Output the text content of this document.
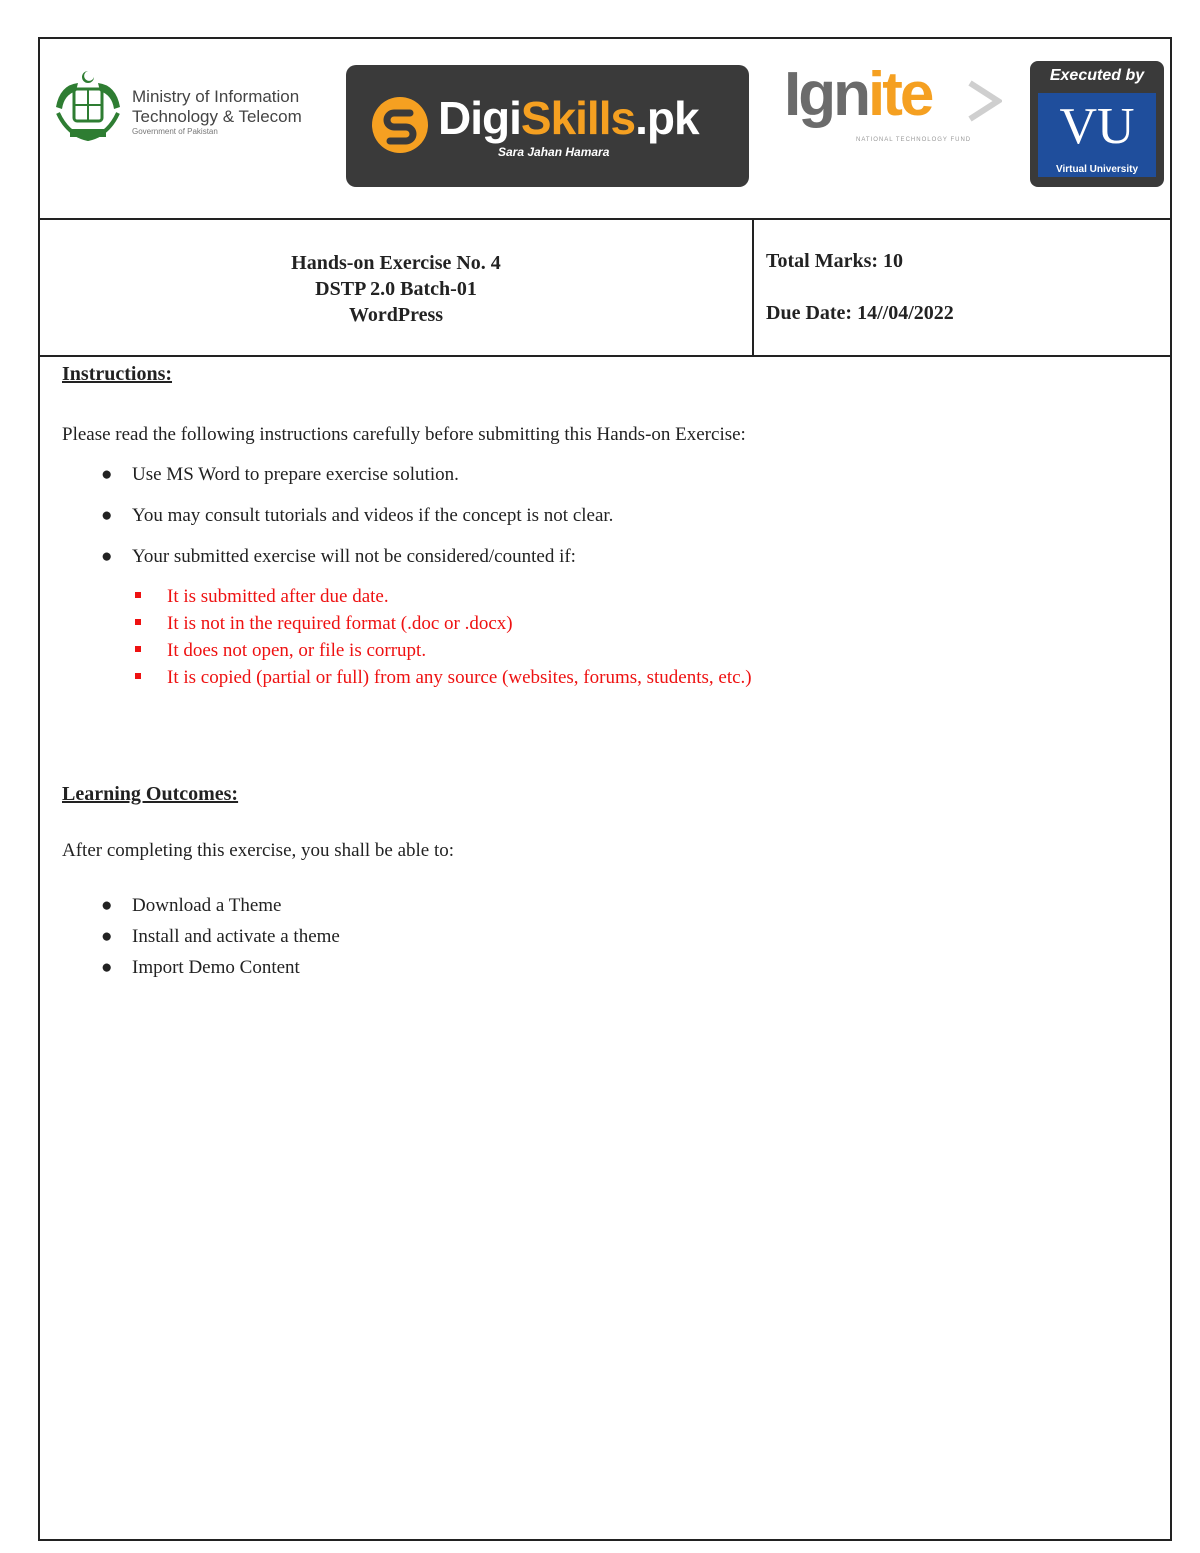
Ministry of Information
Technology & Telecom
Government of Pakistan	DigiSkills.pk
Sara Jahan Hamara
Ignite
NATIONAL TECHNOLOGY FUND
Executed by
VU
Virtual University
Hands-on Exercise No. 4
DSTP 2.0 Batch-01
WordPress
Total Marks: 10
Due Date: 14//04/2022
Instructions:
Please read the following instructions carefully before submitting this Hands-on Exercise:
● Use MS Word to prepare exercise solution.
● You may consult tutorials and videos if the concept is not clear.
● Your submitted exercise will not be considered/counted if:
It is submitted after due date.
It is not in the required format (.doc or .docx)
It does not open, or file is corrupt.
It is copied (partial or full) from any source (websites, forums, students, etc.)
Learning Outcomes:
After completing this exercise, you shall be able to:
● Download a Theme
● Install and activate a theme
● Import Demo Content
